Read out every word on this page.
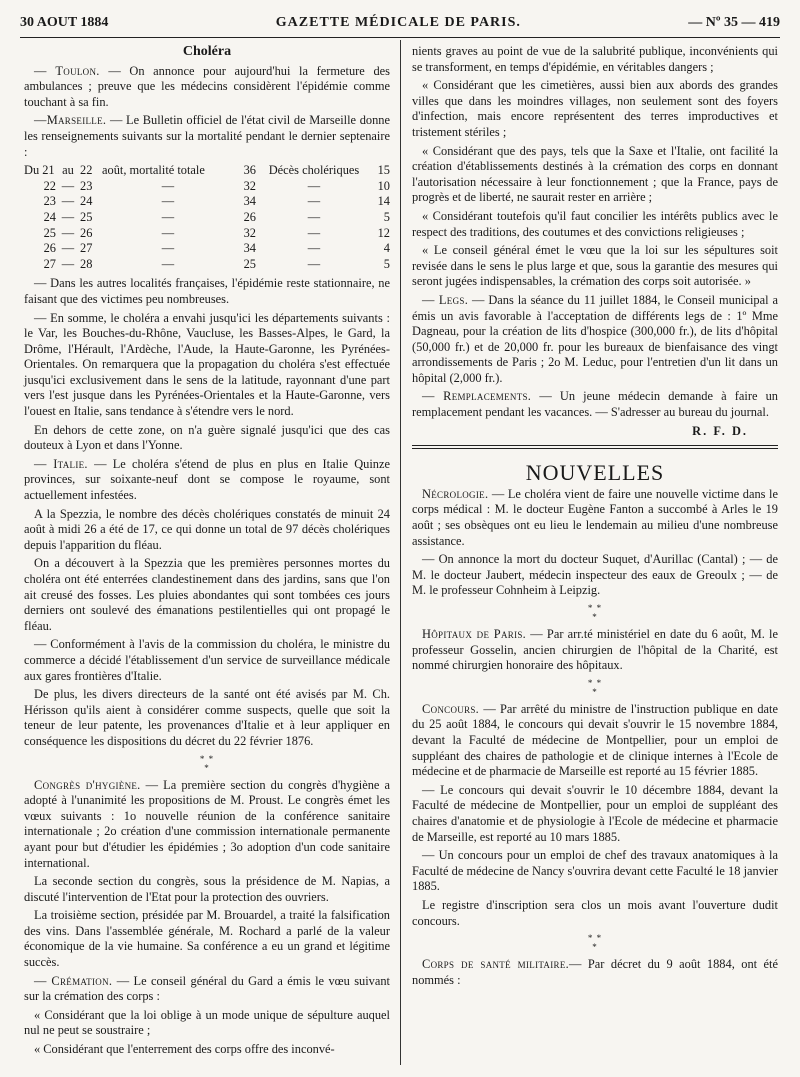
30 AOUT 1884	GAZETTE MÉDICALE DE PARIS.	— Nº 35 — 419
Choléra

— Toulon. — On annonce pour aujourd'hui la fermeture des ambulances ; preuve que les médecins considèrent l'épidémie comme touchant à sa fin.

—Marseille. — Le Bulletin officiel de l'état civil de Marseille donne les renseignements suivants sur la mortalité pendant le dernier septenaire :

Du 21	au	22	août, mortalité totale	36	Décès cholériques	15
22	—	23	—	32	—	10
23	—	24	—	34	—	14
24	—	25	—	26	—	5
25	—	26	—	32	—	12
26	—	27	—	34	—	4
27	—	28	—	25	—	5

— Dans les autres localités françaises, l'épidémie reste stationnaire, ne faisant que des victimes peu nombreuses.

— En somme, le choléra a envahi jusqu'ici les départements suivants : le Var, les Bouches-du-Rhône, Vaucluse, les Basses-Alpes, le Gard, la Drôme, l'Hérault, l'Ardèche, l'Aude, la Haute-Garonne, les Pyrénées-Orientales. On remarquera que la propagation du choléra s'est effectuée jusqu'ici exclusivement dans le sens de la latitude, rayonnant d'une part vers l'est jusque dans les Pyrénées-Orientales et la Haute-Garonne, vers l'ouest en Italie, sans tendance à s'étendre vers le nord.

En dehors de cette zone, on n'a guère signalé jusqu'ici que des cas douteux à Lyon et dans l'Yonne.

— Italie. — Le choléra s'étend de plus en plus en Italie Quinze provinces, sur soixante-neuf dont se compose le royaume, sont actuellement infestées.

A la Spezzia, le nombre des décès cholériques constatés de minuit 24 août à midi 26 a été de 17, ce qui donne un total de 97 décès cholériques depuis l'apparition du fléau.

On a découvert à la Spezzia que les premières personnes mortes du choléra ont été enterrées clandestinement dans des jardins, sans que l'on ait creusé des fosses. Les pluies abondantes qui sont tombées ces jours derniers ont soulevé des émanations pestilentielles qui ont propagé le fléau.

— Conformément à l'avis de la commission du choléra, le ministre du commerce a décidé l'établissement d'un service de surveillance médicale aux gares frontières d'Italie.

De plus, les divers directeurs de la santé ont été avisés par M. Ch. Hérisson qu'ils aient à considérer comme suspects, quelle que soit la teneur de leur patente, les provenances d'Italie et à leur appliquer en conséquence les dispositions du décret du 22 février 1876.

* *
*

Congrès d'hygiène. — La première section du congrès d'hygiène a adopté à l'unanimité les propositions de M. Proust. Le congrès émet les vœux suivants : 1o nouvelle réunion de la conférence sanitaire internationale ; 2o création d'une commission internationale permanente ayant pour but d'étudier les épidémies ; 3o adoption d'un code sanitaire international.

La seconde section du congrès, sous la présidence de M. Napias, a discuté l'intervention de l'Etat pour la protection des ouvriers.

La troisième section, présidée par M. Brouardel, a traité la falsification des vins. Dans l'assemblée générale, M. Rochard a parlé de la valeur économique de la vie humaine. Sa conférence a eu un grand et légitime succès.

— Crémation. — Le conseil général du Gard a émis le vœu suivant sur la crémation des corps :

« Considérant que la loi oblige à un mode unique de sépulture auquel nul ne peut se soustraire ;

« Considérant que l'enterrement des corps offre des inconvé-

nients graves au point de vue de la salubrité publique, inconvénients qui se transforment, en temps d'épidémie, en véritables dangers ;

« Considérant que les cimetières, aussi bien aux abords des grandes villes que dans les moindres villages, non seulement sont des foyers d'infection, mais encore représentent des terres improductives et tristement stériles ;

« Considérant que des pays, tels que la Saxe et l'Italie, ont facilité la création d'établissements destinés à la crémation des corps en donnant l'autorisation nécessaire à leur fonctionnement ; que la France, pays de progrès et de liberté, ne saurait rester en arrière ;

« Considérant toutefois qu'il faut concilier les intérêts publics avec le respect des traditions, des coutumes et des convictions religieuses ;

« Le conseil général émet le vœu que la loi sur les sépultures soit revisée dans le sens le plus large et que, sous la garantie des mesures qui seront jugées indispensables, la crémation des corps soit autorisée. »

— Legs. — Dans la séance du 11 juillet 1884, le Conseil municipal a émis un avis favorable à l'acceptation de différents legs de : 1º Mme Dagneau, pour la création de lits d'hospice (300,000 fr.), de lits d'hôpital (50,000 fr.) et de 20,000 fr. pour les bureaux de bienfaisance des vingt arrondissements de Paris ; 2o M. Leduc, pour l'entretien d'un lit dans un hôpital (2,000 fr.).

— Remplacements. — Un jeune médecin demande à faire un remplacement pendant les vacances. — S'adresser au bureau du journal.

R. F. D.
NOUVELLES

Nécrologie. — Le choléra vient de faire une nouvelle victime dans le corps médical : M. le docteur Eugène Fanton a succombé à Arles le 19 août ; ses obsèques ont eu lieu le lendemain au milieu d'une nombreuse assistance.

— On annonce la mort du docteur Suquet, d'Aurillac (Cantal) ; — de M. le docteur Jaubert, médecin inspecteur des eaux de Greoulx ; — de M. le professeur Cohnheim à Leipzig.

* *
*

Hôpitaux de Paris. — Par arr.té ministériel en date du 6 août, M. le professeur Gosselin, ancien chirurgien de l'hôpital de la Charité, est nommé chirurgien honoraire des hôpitaux.

* *
*

Concours. — Par arrêté du ministre de l'instruction publique en date du 25 août 1884, le concours qui devait s'ouvrir le 15 novembre 1884, devant la Faculté de médecine de Montpellier, pour un emploi de suppléant des chaires de pathologie et de clinique internes à l'Ecole de médecine et de pharmacie de Marseille est reporté au 15 février 1885.

— Le concours qui devait s'ouvrir le 10 décembre 1884, devant la Faculté de médecine de Montpellier, pour un emploi de suppléant des chaires d'anatomie et de physiologie à l'Ecole de médecine et pharmacie de Marseille, est reporté au 10 mars 1885.

— Un concours pour un emploi de chef des travaux anatomiques à la Faculté de médecine de Nancy s'ouvrira devant cette Faculté le 18 janvier 1885.

Le registre d'inscription sera clos un mois avant l'ouverture dudit concours.

* *
*

Corps de santé militaire.— Par décret du 9 août 1884, ont été nommés :
